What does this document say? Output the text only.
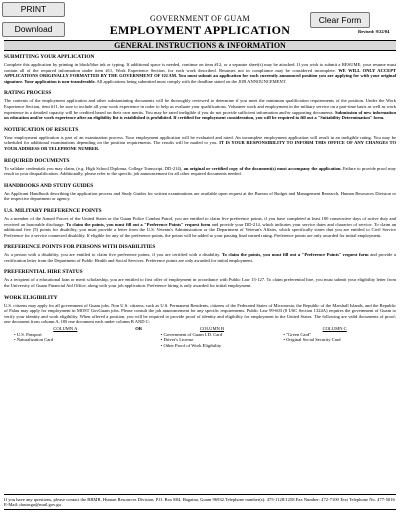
PRINT
Download
Clear Form
GOVERNMENT OF GUAM
EMPLOYMENT APPLICATION	Revised: 9/22/04
GENERAL INSTRUCTIONS & INFORMATION
SUBMITTING YOUR APPLICATION
Complete this application by printing in black/blue ink or typing. If additional space is needed, continue on item #12, or a separate sheet(s) may be attached. If you wish to submit a RESUME, your resume must contain all of the required information under item #11, Work Experience Section, for each work described. Resumes not in compliance may be considered incomplete. WE WILL ONLY ACCEPT APPLICATIONS ORIGINALLY FORMATTED BY THE GOVERNMENT OF GUAM. You must submit an application for each currently announced position you are applying for with your original signature. Your application is non-transferable. All applications being submitted must comply with the deadline stated on the JOB ANNOUNCEMENT.
RATING PROCESS
The contents of the employment application and other substantiating documents will be thoroughly reviewed to determine if you meet the minimum qualification requirements of the position. Under the Work Experience Section, item #11, be sure to include all your work experience in order to help us evaluate your qualifications. Volunteer work and employment in the military service on a part-time basis as well as work experience in a detailed capacity will be credited based on their own merits. You may be rated ineligible if you do not provide sufficient information and/or supporting documents. Submission of new information on education and/or work experience after an eligibility list is established is prohibited. If certified for employment consideration, you will be required to fill out a "Suitability Determination" form.
NOTIFICATION OF RESULTS
Your employment application is part of an examination process. Your employment application will be evaluated and rated. An incomplete employment application will result in an ineligible rating. You may be scheduled for additional examinations depending on the position requirements. The results will be mailed to you. IT IS YOUR RESPONSIBILITY TO INFORM THIS OFFICE OF ANY CHANGES TO YOUR ADDRESS OR TELEPHONE NUMBER.
REQUIRED DOCUMENTS
To validate credentials you may claim, (e.g. High School Diploma, College Transcript, DD-214), an original or certified copy of the document(s) must accompany the application. Failure to provide proof may result in your disqualification. Additionally, please refer to the specific job announcement for all other required documents needed.
HANDBOOKS AND STUDY GUIDES
An Applicant Handbook describing the application process and Study Guides for written examinations are available upon request at the Bureau of Budget and Management Research, Human Resources Division or the respective department or agency.
U.S. MILITARY PREFERENCE POINTS
As a member of the Armed Forces of the United States or the Guam Police Combat Patrol, you are entitled to claim five preference points, if you have completed at least 180 consecutive days of active duty and received an honorable discharge. To claim the points, you must fill out a "Preference Points" request form and provide your DD-214, which indicates your service dates and character of service. To claim an additional five (5) points for disability, you must provide a letter from the U.S. Veteran's Administration or the Department of Veteran's Affairs, which specifically states that you are entitled to Civil Service Preference for a service connected disability. If eligible for any of the preference points, the points will be added to your passing final earned rating. Preference points are only awarded for initial employment.
PREFERENCE POINTS FOR PERSONS WITH DISABILITIES
As a person with a disability, you are entitled to claim five preference points, if you are certified with a disability. To claim the points, you must fill out a "Preference Points" request form and provide a certification letter from the Department of Public Health and Social Services. Preference points are only awarded for initial employment.
PREFERENTIAL HIRE STATUS
As a recipient of a educational loan or merit scholarship, you are entitled to first offer of employment in accordance with Public Law 15-127. To claim preferential hire, you must submit your eligibility letter from the University of Guam Financial Aid Office, along with your job application. Preference hiring is only awarded for initial employment.
WORK ELIGIBILITY
U.S. citizens may apply for all government of Guam jobs. Non U.S. citizens, such as U.S. Permanent Residents, citizens of the Federated States of Micronesia, the Republic of the Marshall Islands, and the Republic of Palau may apply for employment in MOST GovGuam jobs. Please consult the job announcement for any specific requirements. Public Law 99-603 (8 USC Section 1324A) requires the government of Guam to verify your identity and work eligibility. When offered a position, you will be required to provide proof of identity and eligibility for employment in the United States. The following are valid documents of proof; one document from column A, OR one document each under column B AND C:
COLUMN A
• U.S. Passport
• Naturalization Card
OR	COLUMN B
• Government of Guam I.D. Card
• Driver's License
• Other Proof of Work Eligibility
COLUMN C
• "Green Card"
• Original Social Security Card
If you have any questions, please contact the BBMR, Human Resources Division, P.O. Box 884, Hagatna, Guam 96932.Telephone number(s): 475-1128/1258 Fax Number: 472-7100 Text Telephone No. 477-5016 E-Mail: dastorga@mail.gov.gu
